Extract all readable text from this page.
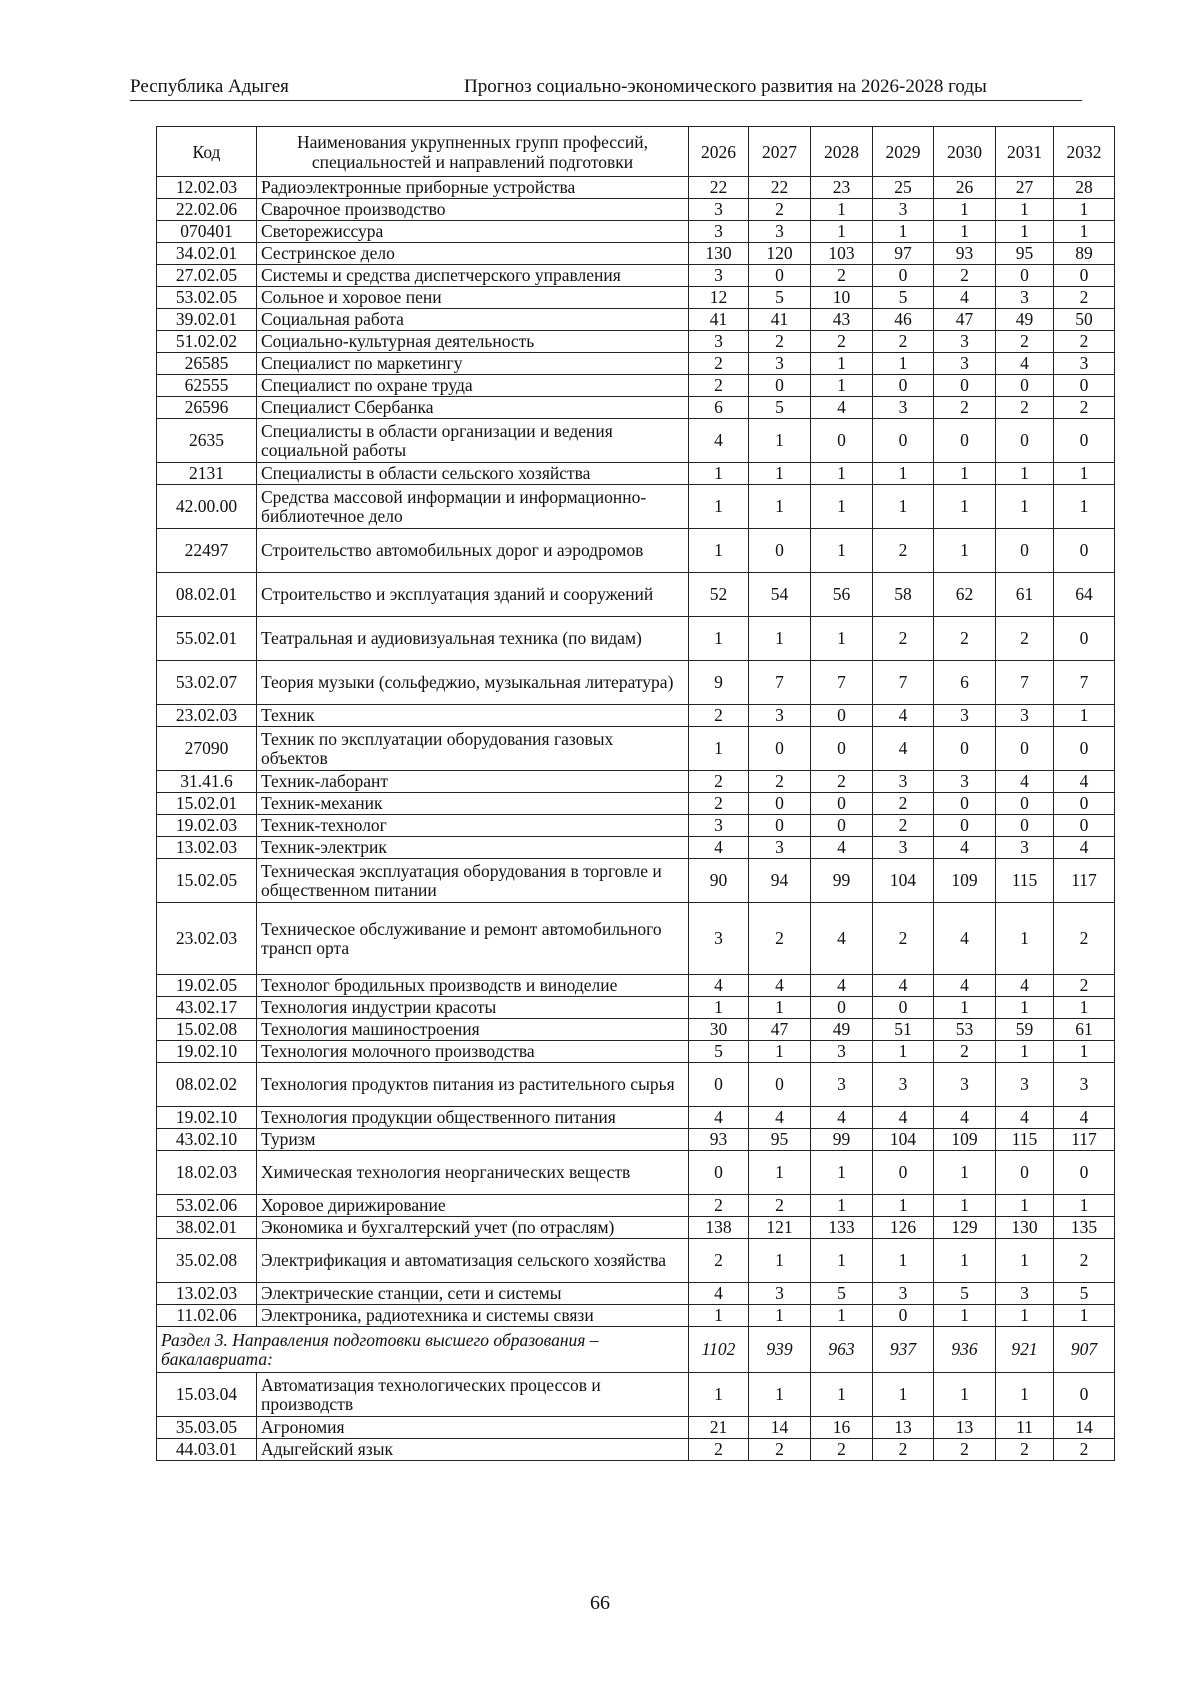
Республика Адыгея	Прогноз социально-экономического развития на 2026-2028 годы
Код	Наименования укрупненных групп профессий, специальностей и направлений подготовки	2026	2027	2028	2029	2030	2031	2032
12.02.03	Радиоэлектронные приборные устройства	22	22	23	25	26	27	28
22.02.06	Сварочное производство	3	2	1	3	1	1	1
070401	Светорежиссура	3	3	1	1	1	1	1
34.02.01	Сестринское дело	130	120	103	97	93	95	89
27.02.05	Системы и средства диспетчерского управления	3	0	2	0	2	0	0
53.02.05	Сольное и хоровое пени	12	5	10	5	4	3	2
39.02.01	Социальная работа	41	41	43	46	47	49	50
51.02.02	Социально-культурная деятельность	3	2	2	2	3	2	2
26585	Специалист по маркетингу	2	3	1	1	3	4	3
62555	Специалист по охране труда	2	0	1	0	0	0	0
26596	Специалист Сбербанка	6	5	4	3	2	2	2
2635	Специалисты в области организации и ведения социальной работы	4	1	0	0	0	0	0
2131	Специалисты в области сельского хозяйства	1	1	1	1	1	1	1
42.00.00	Средства массовой информации и информационно-библиотечное дело	1	1	1	1	1	1	1
22497	Строительство автомобильных дорог и аэродромов	1	0	1	2	1	0	0
08.02.01	Строительство и эксплуатация зданий и сооружений	52	54	56	58	62	61	64
55.02.01	Театральная и аудиовизуальная техника (по видам)	1	1	1	2	2	2	0
53.02.07	Теория музыки (сольфеджио, музыкальная литература)	9	7	7	7	6	7	7
23.02.03	Техник	2	3	0	4	3	3	1
27090	Техник по эксплуатации оборудования газовых объектов	1	0	0	4	0	0	0
31.41.6	Техник-лаборант	2	2	2	3	3	4	4
15.02.01	Техник-механик	2	0	0	2	0	0	0
19.02.03	Техник-технолог	3	0	0	2	0	0	0
13.02.03	Техник-электрик	4	3	4	3	4	3	4
15.02.05	Техническая эксплуатация оборудования в торговле и общественном питании	90	94	99	104	109	115	117
23.02.03	Техническое обслуживание и ремонт автомобильного трансп орта	3	2	4	2	4	1	2
19.02.05	Технолог бродильных производств и виноделие	4	4	4	4	4	4	2
43.02.17	Технология индустрии красоты	1	1	0	0	1	1	1
15.02.08	Технология машиностроения	30	47	49	51	53	59	61
19.02.10	Технология молочного производства	5	1	3	1	2	1	1
08.02.02	Технология продуктов питания из растительного сырья	0	0	3	3	3	3	3
19.02.10	Технология продукции общественного питания	4	4	4	4	4	4	4
43.02.10	Туризм	93	95	99	104	109	115	117
18.02.03	Химическая технология неорганических веществ	0	1	1	0	1	0	0
53.02.06	Хоровое дирижирование	2	2	1	1	1	1	1
38.02.01	Экономика и бухгалтерский учет (по отраслям)	138	121	133	126	129	130	135
35.02.08	Электрификация и автоматизация сельского хозяйства	2	1	1	1	1	1	2
13.02.03	Электрические станции, сети и системы	4	3	5	3	5	3	5
11.02.06	Электроника, радиотехника и системы связи	1	1	1	0	1	1	1
Раздел 3. Направления подготовки высшего образования – бакалавриата:		1102	939	963	937	936	921	907
15.03.04	Автоматизация технологических процессов и производств	1	1	1	1	1	1	0
35.03.05	Агрономия	21	14	16	13	13	11	14
44.03.01	Адыгейский язык	2	2	2	2	2	2	2
66
